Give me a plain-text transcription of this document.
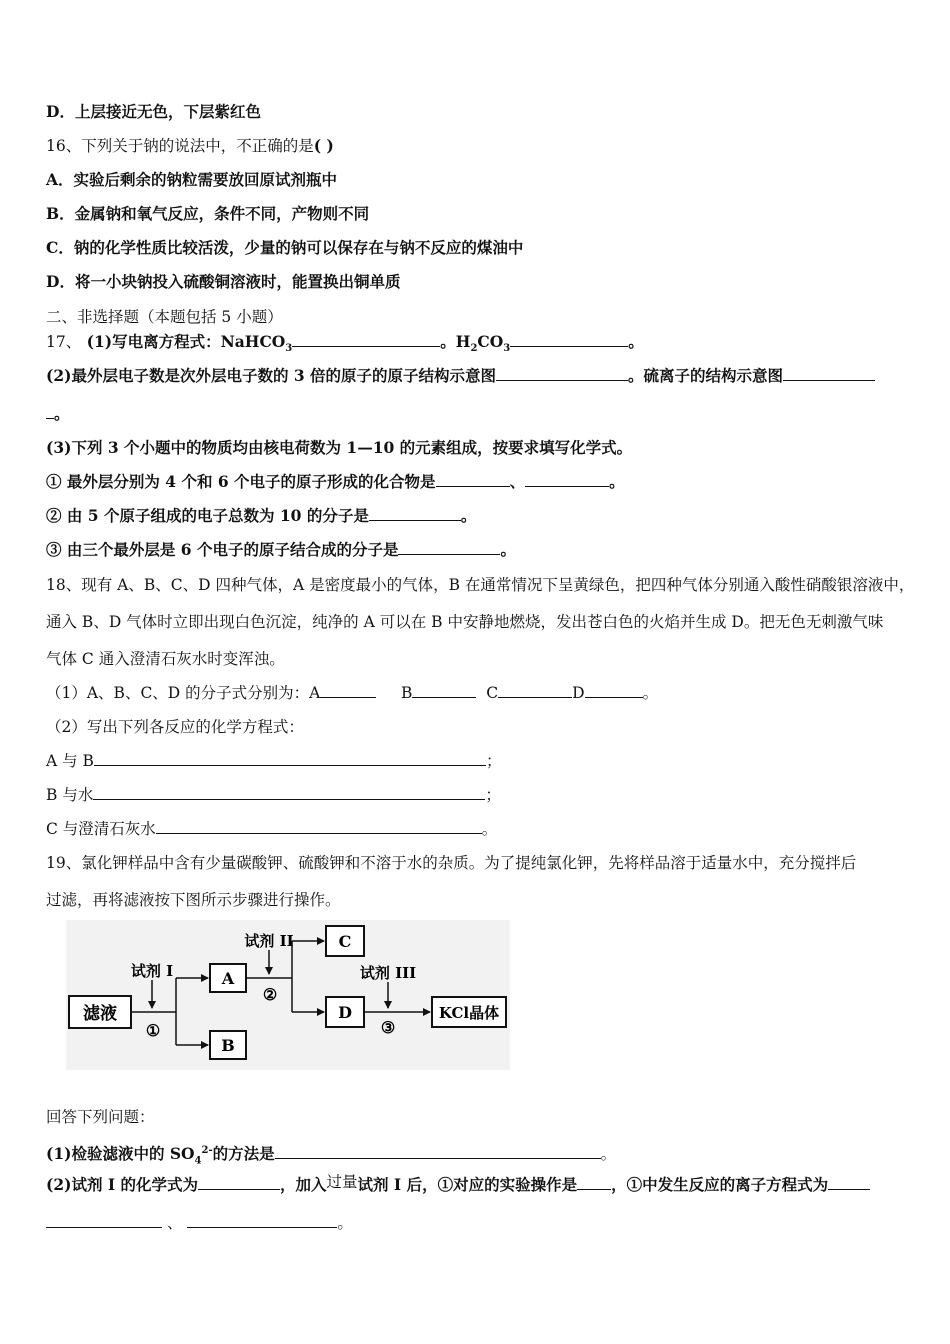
D．上层接近无色，下层紫红色
16、下列关于钠的说法中，不正确的是( )
A．实验后剩余的钠粒需要放回原试剂瓶中
B．金属钠和氧气反应，条件不同，产物则不同
C．钠的化学性质比较活泼，少量的钠可以保存在与钠不反应的煤油中
D．将一小块钠投入硫酸铜溶液时，能置换出铜单质
二、非选择题（本题包括 5 小题）
17、 (1)写电离方程式：NaHCO$_3$	。$H_2CO_3$	。
(2)最外层电子数是次外层电子数的 3 倍的原子的原子结构示意图	。硫离子的结构示意图
。
(3)下列 3 个小题中的物质均由核电荷数为 1—10 的元素组成，按要求填写化学式。
① 最外层分别为 4 个和 6 个电子的原子形成的化合物是	、	。
② 由 5 个原子组成的电子总数为 10 的分子是	。
③ 由三个最外层是 6 个电子的原子结合成的分子是	。
18、现有 A、B、C、D 四种气体，A 是密度最小的气体，B 在通常情况下呈黄绿色，把四种气体分别通入酸性硝酸银溶液中，
通入 B、D 气体时立即出现白色沉淀，纯净的 A 可以在 B 中安静地燃烧，发出苍白色的火焰并生成 D。把无色无刺激气味
气体 C 通入澄清石灰水时变浑浊。
（1）A、B、C、D 的分子式分别为：A	B	C	D	。
（2）写出下列各反应的化学方程式：
A 与 B	；
B 与水	；
C 与澄清石灰水	。
19、氯化钾样品中含有少量碳酸钾、硫酸钾和不溶于水的杂质。为了提纯氯化钾，先将样品溶于适量水中，充分搅拌后
过滤，再将滤液按下图所示步骤进行操作。
滤液
试剂 I
①
A
B
试剂 II
②
C
D
试剂 III
③
KCl晶体
回答下列问题：
(1)检验滤液中的 $SO_4^{2-}$的方法是	。
(2)试剂 I 的化学式为	，加入过量试剂 I 后，①对应的实验操作是 ，①中发生反应的离子方程式为
、	。
